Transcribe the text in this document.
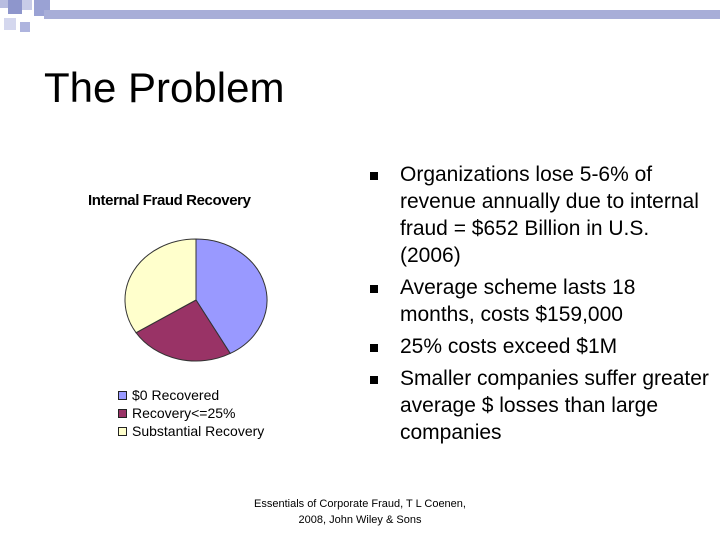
The Problem
Internal Fraud Recovery
$0 Recovered
Recovery<=25%
Substantial Recovery
Organizations lose 5-6% of revenue annually due to internal fraud = $652 Billion in U.S. (2006)
Average scheme lasts 18 months, costs $159,000
25% costs exceed $1M
Smaller companies suffer greater average $ losses than large companies
Essentials of Corporate Fraud, T L Coenen, 2008, John Wiley & Sons
